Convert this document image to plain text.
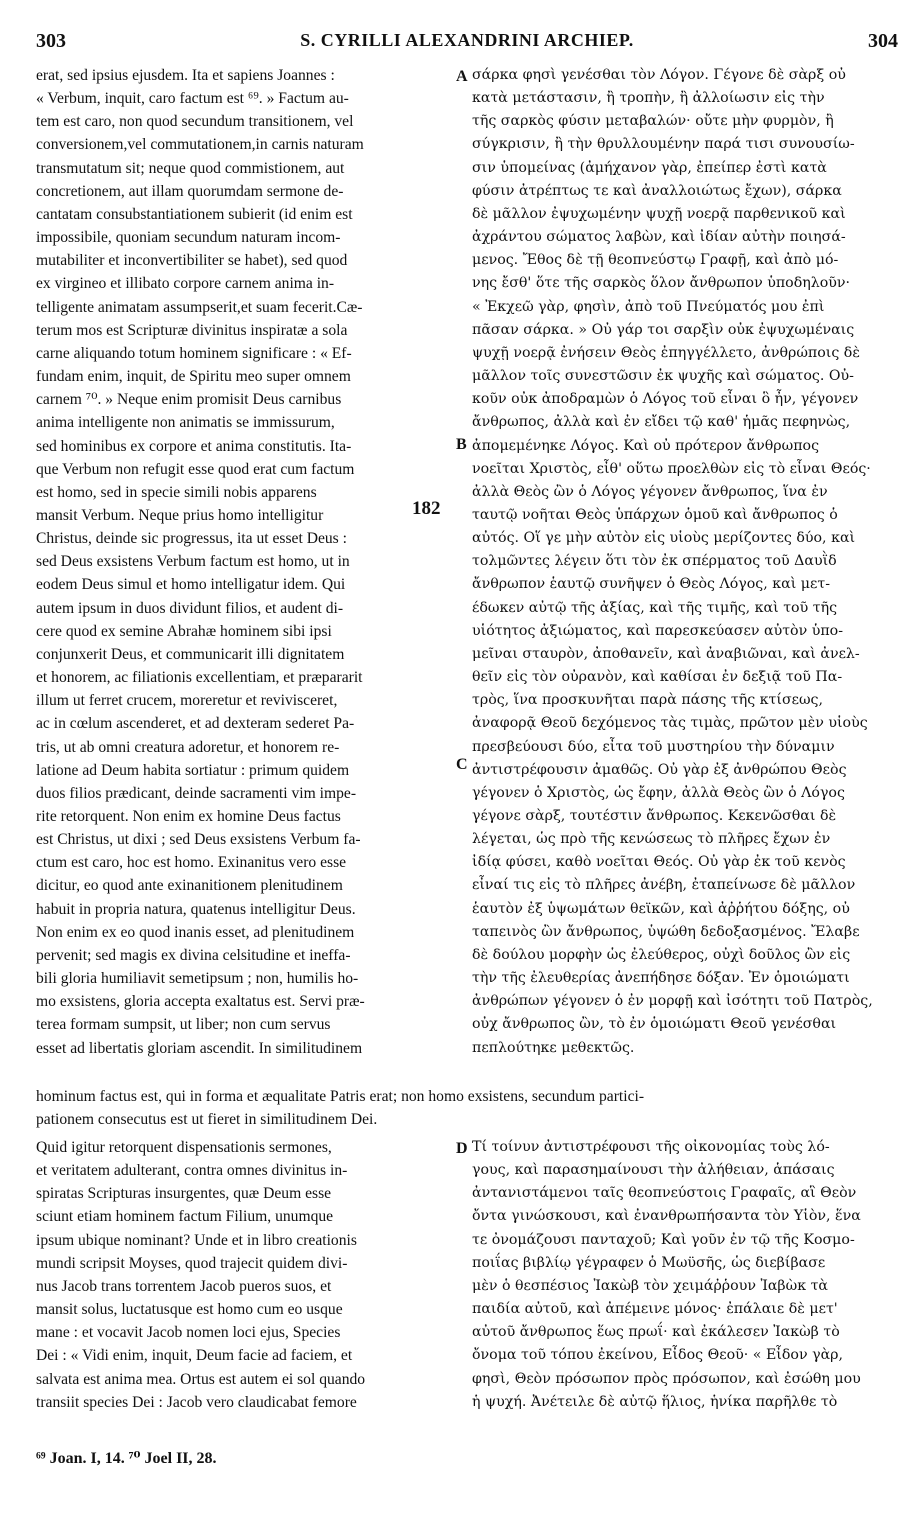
303	S. CYRILLI ALEXANDRINI ARCHIEP.	304
erat, sed ipsius ejusdem. Ita et sapiens Joannes :
« Verbum, inquit, caro factum est ⁶⁹. » Factum au-
tem est caro, non quod secundum transitionem, vel
conversionem,vel commutationem,in carnis naturam
transmutatum sit; neque quod commistionem, aut
concretionem, aut illam quorumdam sermone de-
cantatam consubstantiationem subierit (id enim est
impossibile, quoniam secundum naturam incom-
mutabiliter et inconvertibiliter se habet), sed quod
ex virgineo et illibato corpore carnem anima in-
telligente animatam assumpserit,et suam fecerit.Cæ-
terum mos est Scripturæ divinitus inspiratæ a sola
carne aliquando totum hominem significare : « Ef-
fundam enim, inquit, de Spiritu meo super omnem
carnem ⁷⁰. » Neque enim promisit Deus carnibus
anima intelligente non animatis se immissurum,
sed hominibus ex corpore et anima constitutis. Ita-
que Verbum non refugit esse quod erat cum factum
est homo, sed in specie simili nobis apparens
mansit Verbum. Neque prius homo intelligitur
Christus, deinde sic progressus, ita ut esset Deus :
sed Deus exsistens Verbum factum est homo, ut in
eodem Deus simul et homo intelligatur idem. Qui
autem ipsum in duos dividunt filios, et audent di-
cere quod ex semine Abrahæ hominem sibi ipsi
conjunxerit Deus, et communicarit illi dignitatem
et honorem, ac filiationis excellentiam, et præpararit
illum ut ferret crucem, moreretur et revivisceret,
ac in cœlum ascenderet, et ad dexteram sederet Pa-
tris, ut ab omni creatura adoretur, et honorem re-
latione ad Deum habita sortiatur : primum quidem
duos filios prædicant, deinde sacramenti vim impe-
rite retorquent. Non enim ex homine Deus factus
est Christus, ut dixi ; sed Deus exsistens Verbum fa-
ctum est caro, hoc est homo. Exinanitus vero esse
dicitur, eo quod ante exinanitionem plenitudinem
habuit in propria natura, quatenus intelligitur Deus.
Non enim ex eo quod inanis esset, ad plenitudinem
pervenit; sed magis ex divina celsitudine et ineffa-
bili gloria humiliavit semetipsum ; non, humilis ho-
mo exsistens, gloria accepta exaltatus est. Servi præ-
terea formam sumpsit, ut liber; non cum servus
esset ad libertatis gloriam ascendit. In similitudinem
σάρκα φησὶ γενέσθαι τὸν Λόγον. Γέγονε δὲ σὰρξ οὐ
κατὰ μετάστασιν, ἢ τροπὴν, ἢ ἀλλοίωσιν εἰς τὴν
τῆς σαρκὸς φύσιν μεταβαλών· οὔτε μὴν φυρμὸν, ἢ
σύγκρισιν, ἢ τὴν θρυλλουμένην παρά τισι συνουσίω-
σιν ὑπομείνας (ἀμήχανον γὰρ, ἐπείπερ ἐστὶ κατὰ
φύσιν ἀτρέπτως τε καὶ ἀναλλοιώτως ἔχων), σάρκα
δὲ μᾶλλον ἐψυχωμένην ψυχῇ νοερᾷ παρθενικοῦ καὶ
ἀχράντου σώματος λαβὼν, καὶ ἰδίαν αὐτὴν ποιησά-
μενος. Ἔθος δὲ τῇ θεοπνεύστῳ Γραφῇ, καὶ ἀπὸ μό-
νης ἔσθ' ὅτε τῆς σαρκὸς ὅλον ἄνθρωπον ὑποδηλοῦν·
« Ἐκχεῶ γὰρ, φησὶν, ἀπὸ τοῦ Πνεύματός μου ἐπὶ
πᾶσαν σάρκα. » Οὐ γάρ τοι σαρξὶν οὐκ ἐψυχωμέναις
ψυχῇ νοερᾷ ἐνήσειν Θεὸς ἐπηγγέλλετο, ἀνθρώποις δὲ
μᾶλλον τοῖς συνεστῶσιν ἐκ ψυχῆς καὶ σώματος. Οὐ-
κοῦν οὐκ ἀποδραμὼν ὁ Λόγος τοῦ εἶναι ὃ ἦν, γέγονεν
ἄνθρωπος, ἀλλὰ καὶ ἐν εἴδει τῷ καθ' ἡμᾶς πεφηνὼς,
ἀπομεμένηκε Λόγος. Καὶ οὐ πρότερον ἄνθρωπος
νοεῖται Χριστὸς, εἶθ' οὕτω προελθὼν εἰς τὸ εἶναι Θεός·
ἀλλὰ Θεὸς ὢν ὁ Λόγος γέγονεν ἄνθρωπος, ἵνα ἐν
ταυτῷ νοῆται Θεὸς ὑπάρχων ὁμοῦ καὶ ἄνθρωπος ὁ
αὐτός. Οἵ γε μὴν αὐτὸν εἰς υἱοὺς μερίζοντες δύο, καὶ
τολμῶντες λέγειν ὅτι τὸν ἐκ σπέρματος τοῦ Δαυῒδ
ἄνθρωπον ἑαυτῷ συνῆψεν ὁ Θεὸς Λόγος, καὶ μετ-
έδωκεν αὐτῷ τῆς ἀξίας, καὶ τῆς τιμῆς, καὶ τοῦ τῆς
υἱότητος ἀξιώματος, καὶ παρεσκεύασεν αὐτὸν ὑπο-
μεῖναι σταυρὸν, ἀποθανεῖν, καὶ ἀναβιῶναι, καὶ ἀνελ-
θεῖν εἰς τὸν οὐρανὸν, καὶ καθίσαι ἐν δεξιᾷ τοῦ Πα-
τρὸς, ἵνα προσκυνῆται παρὰ πάσης τῆς κτίσεως,
ἀναφορᾷ Θεοῦ δεχόμενος τὰς τιμὰς, πρῶτον μὲν υἱοὺς
πρεσβεύουσι δύο, εἶτα τοῦ μυστηρίου τὴν δύναμιν
ἀντιστρέφουσιν ἀμαθῶς. Οὐ γὰρ ἐξ ἀνθρώπου Θεὸς
γέγονεν ὁ Χριστὸς, ὡς ἔφην, ἀλλὰ Θεὸς ὢν ὁ Λόγος
γέγονε σὰρξ, τουτέστιν ἄνθρωπος. Κεκενῶσθαι δὲ
λέγεται, ὡς πρὸ τῆς κενώσεως τὸ πλῆρες ἔχων ἐν
ἰδίᾳ φύσει, καθὸ νοεῖται Θεός. Οὐ γὰρ ἐκ τοῦ κενὸς
εἶναί τις εἰς τὸ πλῆρες ἀνέβη, ἐταπείνωσε δὲ μᾶλλον
ἑαυτὸν ἐξ ὑψωμάτων θεϊκῶν, καὶ ἀῤῥήτου δόξης, οὐ
ταπεινὸς ὢν ἄνθρωπος, ὑψώθη δεδοξασμένος. Ἔλαβε
δὲ δούλου μορφὴν ὡς ἐλεύθερος, οὐχὶ δοῦλος ὢν εἰς
τὴν τῆς ἐλευθερίας ἀνεπήδησε δόξαν. Ἐν ὁμοιώματι
ἀνθρώπων γέγονεν ὁ ἐν μορφῇ καὶ ἰσότητι τοῦ Πατρὸς,
οὐχ ἄνθρωπος ὢν, τὸ ἐν ὁμοιώματι Θεοῦ γενέσθαι
πεπλούτηκε μεθεκτῶς.
A
B
C
D
182
hominum factus est, qui in forma et æqualitate Patris erat; non homo exsistens, secundum partici-
pationem consecutus est ut fieret in similitudinem Dei.
Quid igitur retorquent dispensationis sermones,
et veritatem adulterant, contra omnes divinitus in-
spiratas Scripturas insurgentes, quæ Deum esse
sciunt etiam hominem factum Filium, unumque
ipsum ubique nominant? Unde et in libro creationis
mundi scripsit Moyses, quod trajecit quidem divi-
nus Jacob trans torrentem Jacob pueros suos, et
mansit solus, luctatusque est homo cum eo usque
mane : et vocavit Jacob nomen loci ejus, Species
Dei : « Vidi enim, inquit, Deum facie ad faciem, et
salvata est anima mea. Ortus est autem ei sol quando
transiit species Dei : Jacob vero claudicabat femore
Τί τοίνυν ἀντιστρέφουσι τῆς οἰκονομίας τοὺς λό-
γους, καὶ παρασημαίνουσι τὴν ἀλήθειαν, ἁπάσαις
ἀντανιστάμενοι ταῖς θεοπνεύστοις Γραφαῖς, αἳ Θεὸν
ὄντα γινώσκουσι, καὶ ἐνανθρωπήσαντα τὸν Υἱὸν, ἕνα
τε ὀνομάζουσι πανταχοῦ; Καὶ γοῦν ἐν τῷ τῆς Κοσμο-
ποιΐας βιβλίῳ γέγραφεν ὁ Μωϋσῆς, ὡς διεβίβασε
μὲν ὁ θεσπέσιος Ἰακὼβ τὸν χειμάῤῥουν Ἰαβὼκ τὰ
παιδία αὐτοῦ, καὶ ἀπέμεινε μόνος· ἐπάλαιε δὲ μετ'
αὐτοῦ ἄνθρωπος ἕως πρωΐ· καὶ ἐκάλεσεν Ἰακὼβ τὸ
ὄνομα τοῦ τόπου ἐκείνου, Εἶδος Θεοῦ· « Εἶδον γὰρ,
φησὶ, Θεὸν πρόσωπον πρὸς πρόσωπον, καὶ ἐσώθη μου
ἡ ψυχή. Ἀνέτειλε δὲ αὐτῷ ἥλιος, ἡνίκα παρῆλθε τὸ
⁶⁹ Joan. I, 14. ⁷⁰ Joel II, 28.
